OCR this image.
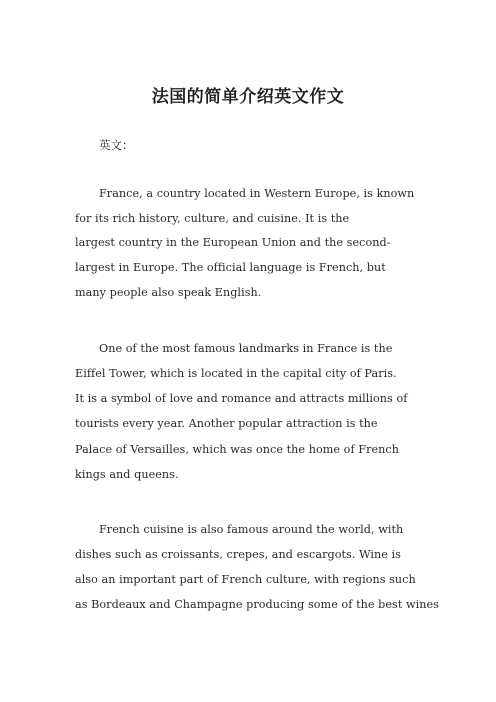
法国的简单介绍英文作文
英文：
France, a country located in Western Europe, is known
for its rich history, culture, and cuisine. It is the
largest country in the European Union and the second-
largest in Europe. The official language is French, but
many people also speak English.
One of the most famous landmarks in France is the
Eiffel Tower, which is located in the capital city of Paris.
It is a symbol of love and romance and attracts millions of
tourists every year. Another popular attraction is the
Palace of Versailles, which was once the home of French
kings and queens.
French cuisine is also famous around the world, with
dishes such as croissants, crepes, and escargots. Wine is
also an important part of French culture, with regions such
as Bordeaux and Champagne producing some of the best wines
